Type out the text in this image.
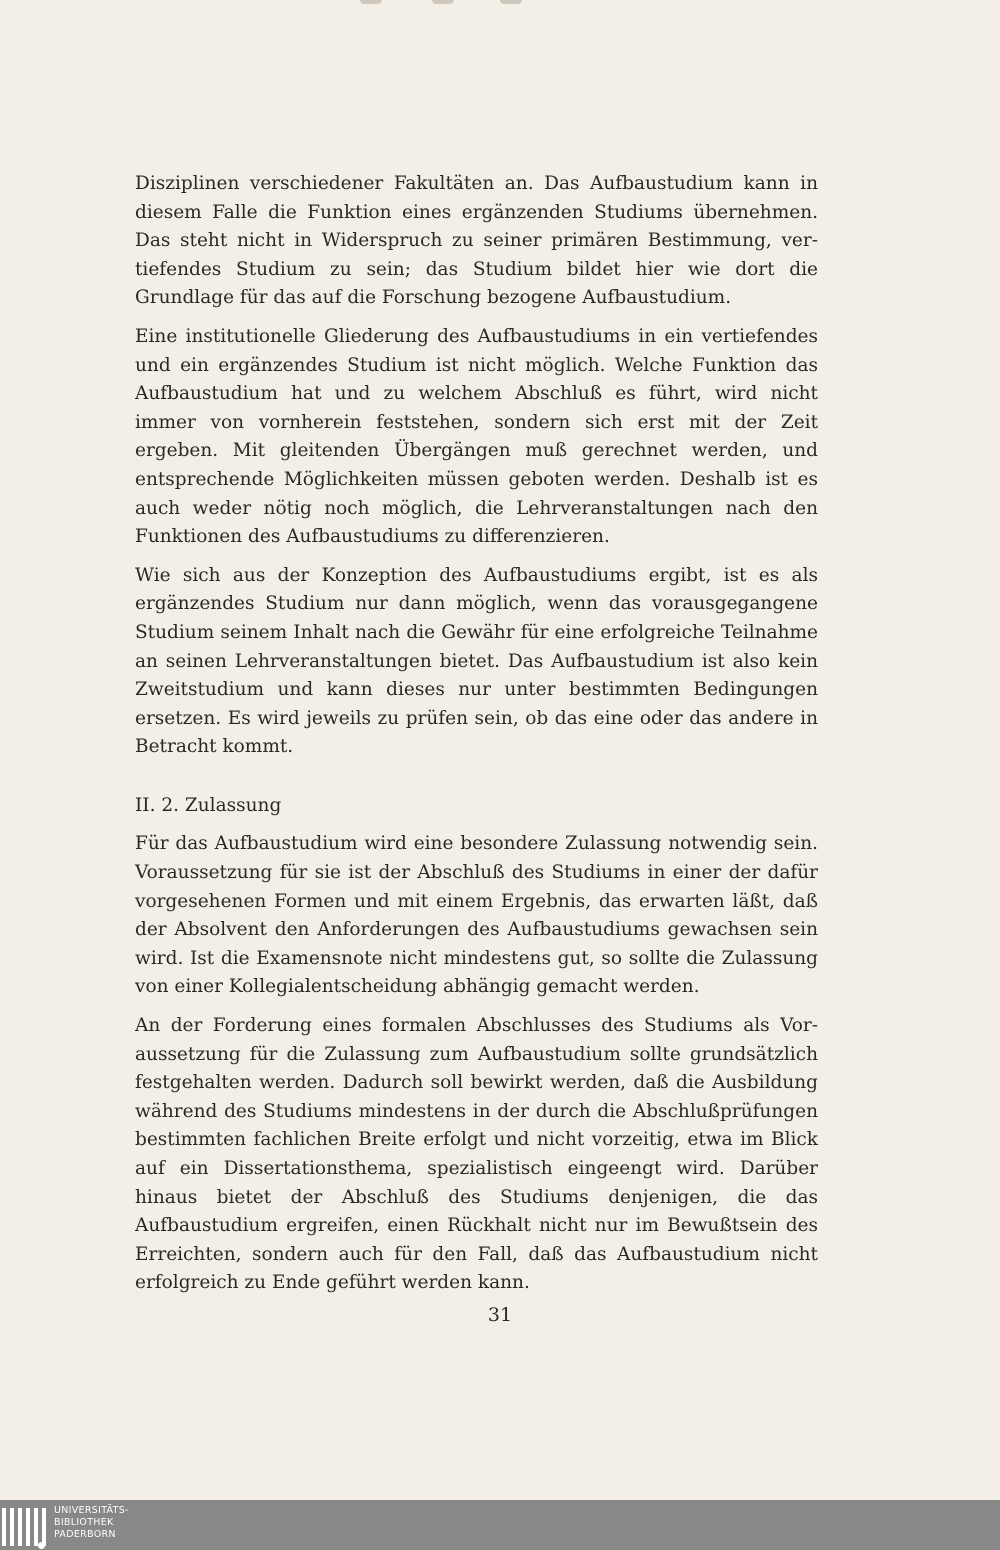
Disziplinen verschiedener Fakultäten an. Das Aufbaustudium kann in diesem Falle die Funktion eines ergänzenden Studiums übernehmen. Das steht nicht in Widerspruch zu seiner primären Bestimmung, vertiefendes Studium zu sein; das Studium bildet hier wie dort die Grundlage für das auf die Forschung bezogene Aufbaustudium.

Eine institutionelle Gliederung des Aufbaustudiums in ein vertiefendes und ein ergänzendes Studium ist nicht möglich. Welche Funktion das Aufbaustudium hat und zu welchem Abschluß es führt, wird nicht immer von vornherein feststehen, sondern sich erst mit der Zeit ergeben. Mit gleitenden Übergängen muß gerechnet werden, und entsprechende Möglichkeiten müssen geboten werden. Deshalb ist es auch weder nötig noch möglich, die Lehrveranstaltungen nach den Funktionen des Aufbaustudiums zu differenzieren.

Wie sich aus der Konzeption des Aufbaustudiums ergibt, ist es als ergänzendes Studium nur dann möglich, wenn das vorausgegangene Studium seinem Inhalt nach die Gewähr für eine erfolgreiche Teilnahme an seinen Lehrveranstaltungen bietet. Das Aufbaustudium ist also kein Zweitstudium und kann dieses nur unter bestimmten Bedingungen ersetzen. Es wird jeweils zu prüfen sein, ob das eine oder das andere in Betracht kommt.

II. 2. Zulassung

Für das Aufbaustudium wird eine besondere Zulassung notwendig sein. Voraussetzung für sie ist der Abschluß des Studiums in einer der dafür vorgesehenen Formen und mit einem Ergebnis, das erwarten läßt, daß der Absolvent den Anforderungen des Aufbaustudiums gewachsen sein wird. Ist die Examensnote nicht mindestens gut, so sollte die Zulassung von einer Kollegialentscheidung abhängig gemacht werden.

An der Forderung eines formalen Abschlusses des Studiums als Voraussetzung für die Zulassung zum Aufbaustudium sollte grundsätzlich festgehalten werden. Dadurch soll bewirkt werden, daß die Ausbildung während des Studiums mindestens in der durch die Abschlußprüfungen bestimmten fachlichen Breite erfolgt und nicht vorzeitig, etwa im Blick auf ein Dissertationsthema, spezialistisch eingeengt wird. Darüber hinaus bietet der Abschluß des Studiums denjenigen, die das Aufbaustudium ergreifen, einen Rückhalt nicht nur im Bewußtsein des Erreichten, sondern auch für den Fall, daß das Aufbaustudium nicht erfolgreich zu Ende geführt werden kann.

31
UNIVERSITÄTS-
BIBLIOTHEK
PADERBORN
